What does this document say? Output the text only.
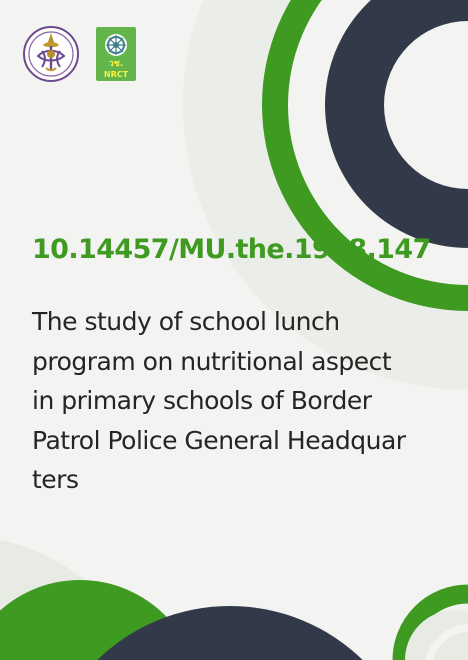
วช.
NRCT
10.14457/MU.the.1998.147

The study of school lunch
program on nutritional aspect
in primary schools of Border
Patrol Police General Headquar
ters
